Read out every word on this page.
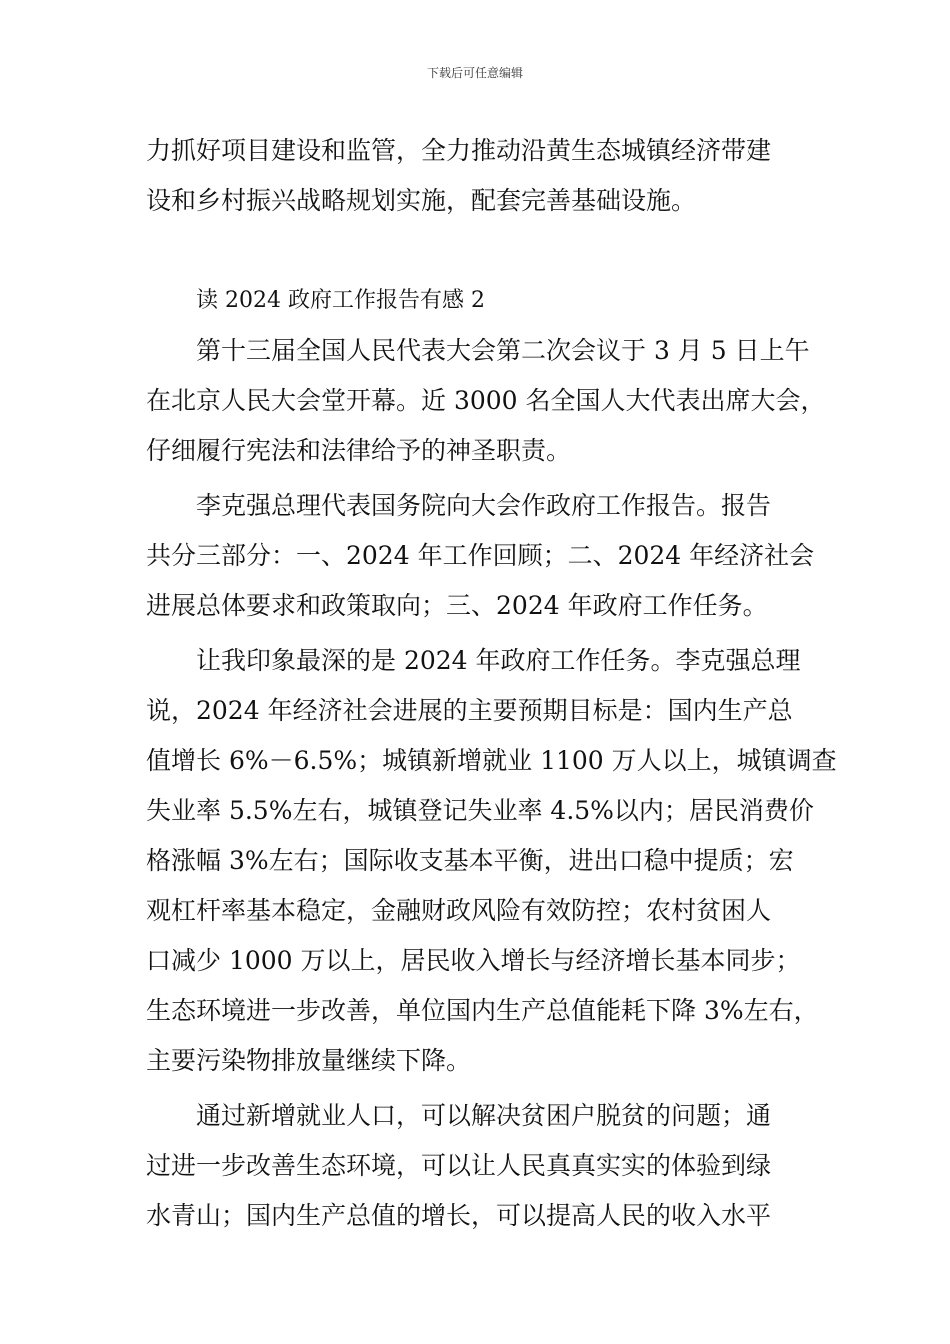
下载后可任意编辑
力抓好项目建设和监管，全力推动沿黄生态城镇经济带建
设和乡村振兴战略规划实施，配套完善基础设施。
读 2024 政府工作报告有感 2
第十三届全国人民代表大会第二次会议于 3 月 5 日上午
在北京人民大会堂开幕。近 3000 名全国人大代表出席大会，
仔细履行宪法和法律给予的神圣职责。
李克强总理代表国务院向大会作政府工作报告。报告
共分三部分：一、2024 年工作回顾；二、2024 年经济社会
进展总体要求和政策取向；三、2024 年政府工作任务。
让我印象最深的是 2024 年政府工作任务。李克强总理
说，2024 年经济社会进展的主要预期目标是：国内生产总
值增长 6%－6.5%；城镇新增就业 1100 万人以上，城镇调查
失业率 5.5%左右，城镇登记失业率 4.5%以内；居民消费价
格涨幅 3%左右；国际收支基本平衡，进出口稳中提质；宏
观杠杆率基本稳定，金融财政风险有效防控；农村贫困人
口减少 1000 万以上，居民收入增长与经济增长基本同步；
生态环境进一步改善，单位国内生产总值能耗下降 3%左右，
主要污染物排放量继续下降。
通过新增就业人口，可以解决贫困户脱贫的问题；通
过进一步改善生态环境，可以让人民真真实实的体验到绿
水青山；国内生产总值的增长，可以提高人民的收入水平
